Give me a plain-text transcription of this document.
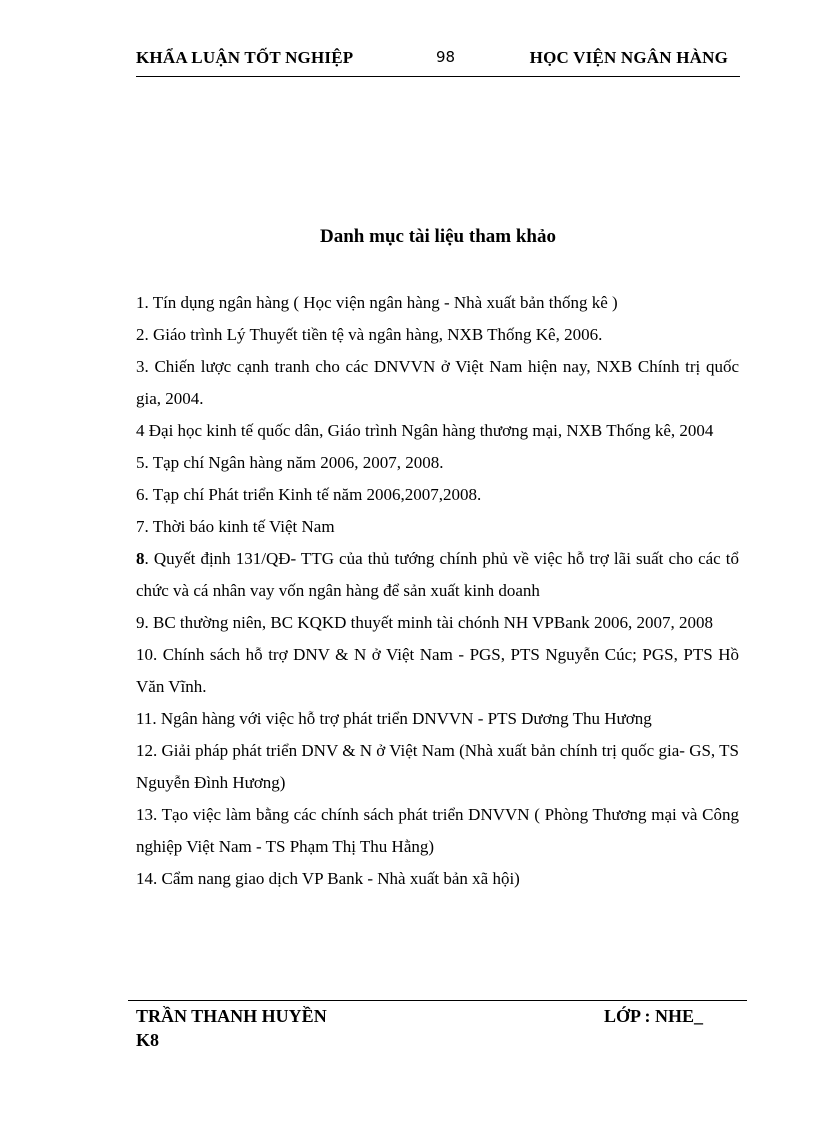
KHẨA LUẬN TỐT NGHIỆP	98	HỌC VIỆN NGÂN HÀNG
Danh mục tài liệu tham khảo

1. Tín dụng ngân hàng ( Học viện ngân hàng - Nhà xuất bản thống kê )

2. Giáo trình Lý Thuyết tiền tệ và ngân hàng, NXB Thống Kê, 2006.

3. Chiến lược cạnh tranh cho các DNVVN ở Việt Nam hiện nay, NXB Chính trị quốc gia, 2004.

4 Đại học kinh tế quốc dân, Giáo trình Ngân hàng thương mại, NXB Thống kê, 2004

5. Tạp chí Ngân hàng năm 2006, 2007, 2008.

6. Tạp chí Phát triển Kinh tế năm 2006,2007,2008.

7. Thời báo kinh tế Việt Nam

8. Quyết định 131/QĐ- TTG của thủ tướng chính phủ về việc hỗ trợ lãi suất cho các tổ chức và cá nhân vay vốn ngân hàng để sản xuất kinh doanh

9. BC thường niên, BC KQKD thuyết minh tài chónh NH VPBank 2006, 2007, 2008

10. Chính sách hỗ trợ DNV & N ở Việt Nam - PGS, PTS Nguyễn Cúc; PGS, PTS Hồ Văn Vĩnh.

11. Ngân hàng với việc hỗ trợ phát triển DNVVN - PTS Dương Thu Hương

12. Giải pháp phát triển DNV & N ở Việt Nam (Nhà xuất bản chính trị quốc gia- GS, TS Nguyễn Đình Hương)

13. Tạo việc làm bằng các chính sách phát triển DNVVN ( Phòng Thương mại và Công nghiệp Việt Nam - TS Phạm Thị Thu Hằng)

14. Cẩm nang giao dịch VP Bank - Nhà xuất bản xã hội)

TRẦN THANH HUYỀN	LỚP : NHE_
K8
